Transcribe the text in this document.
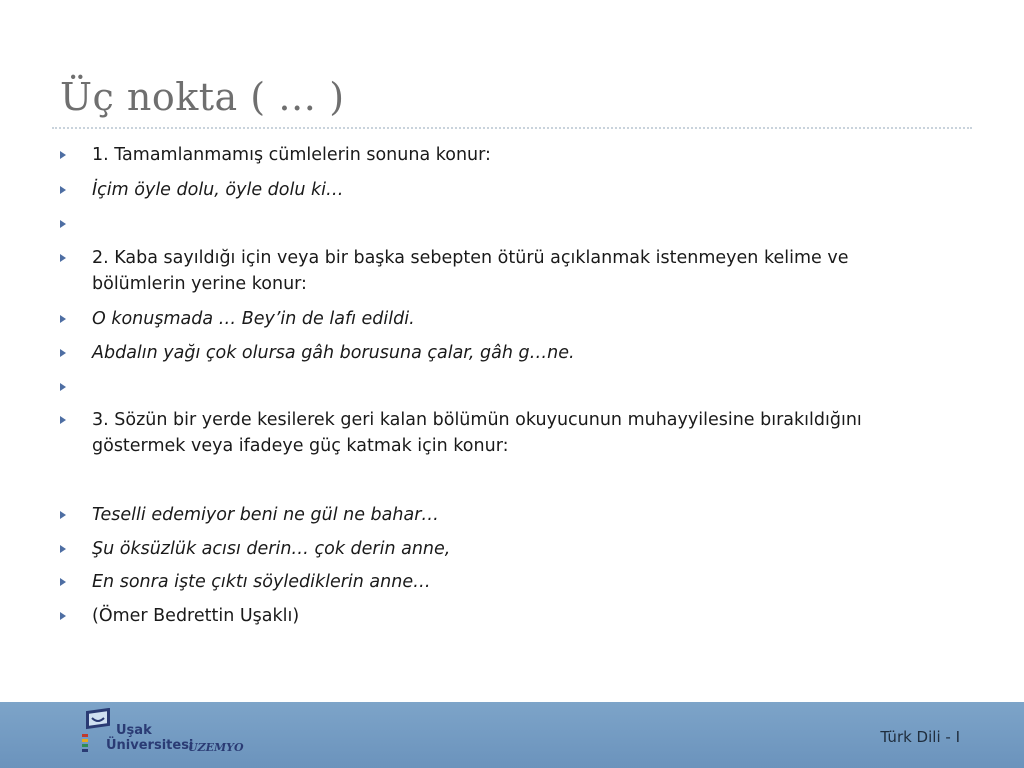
Üç nokta ( … )
1. Tamamlanmamış cümlelerin sonuna konur:
İçim öyle dolu, öyle dolu ki…
2. Kaba sayıldığı için veya bir başka sebepten ötürü açıklanmak istenmeyen kelime ve bölümlerin yerine konur:
O konuşmada … Bey’in de lafı edildi.
Abdalın yağı çok olursa gâh borusuna çalar, gâh g…ne.
3. Sözün bir yerde kesilerek geri kalan bölümün okuyucunun muhayyilesine bırakıldığını göstermek veya ifadeye güç katmak için konur:
Teselli edemiyor beni ne gül ne bahar…
Şu öksüzlük acısı derin… çok derin anne,
En sonra işte çıktı söylediklerin anne…
(Ömer Bedrettin Uşaklı)
Uşak
Üniversitesi
UZEMYO
Türk Dili - I
